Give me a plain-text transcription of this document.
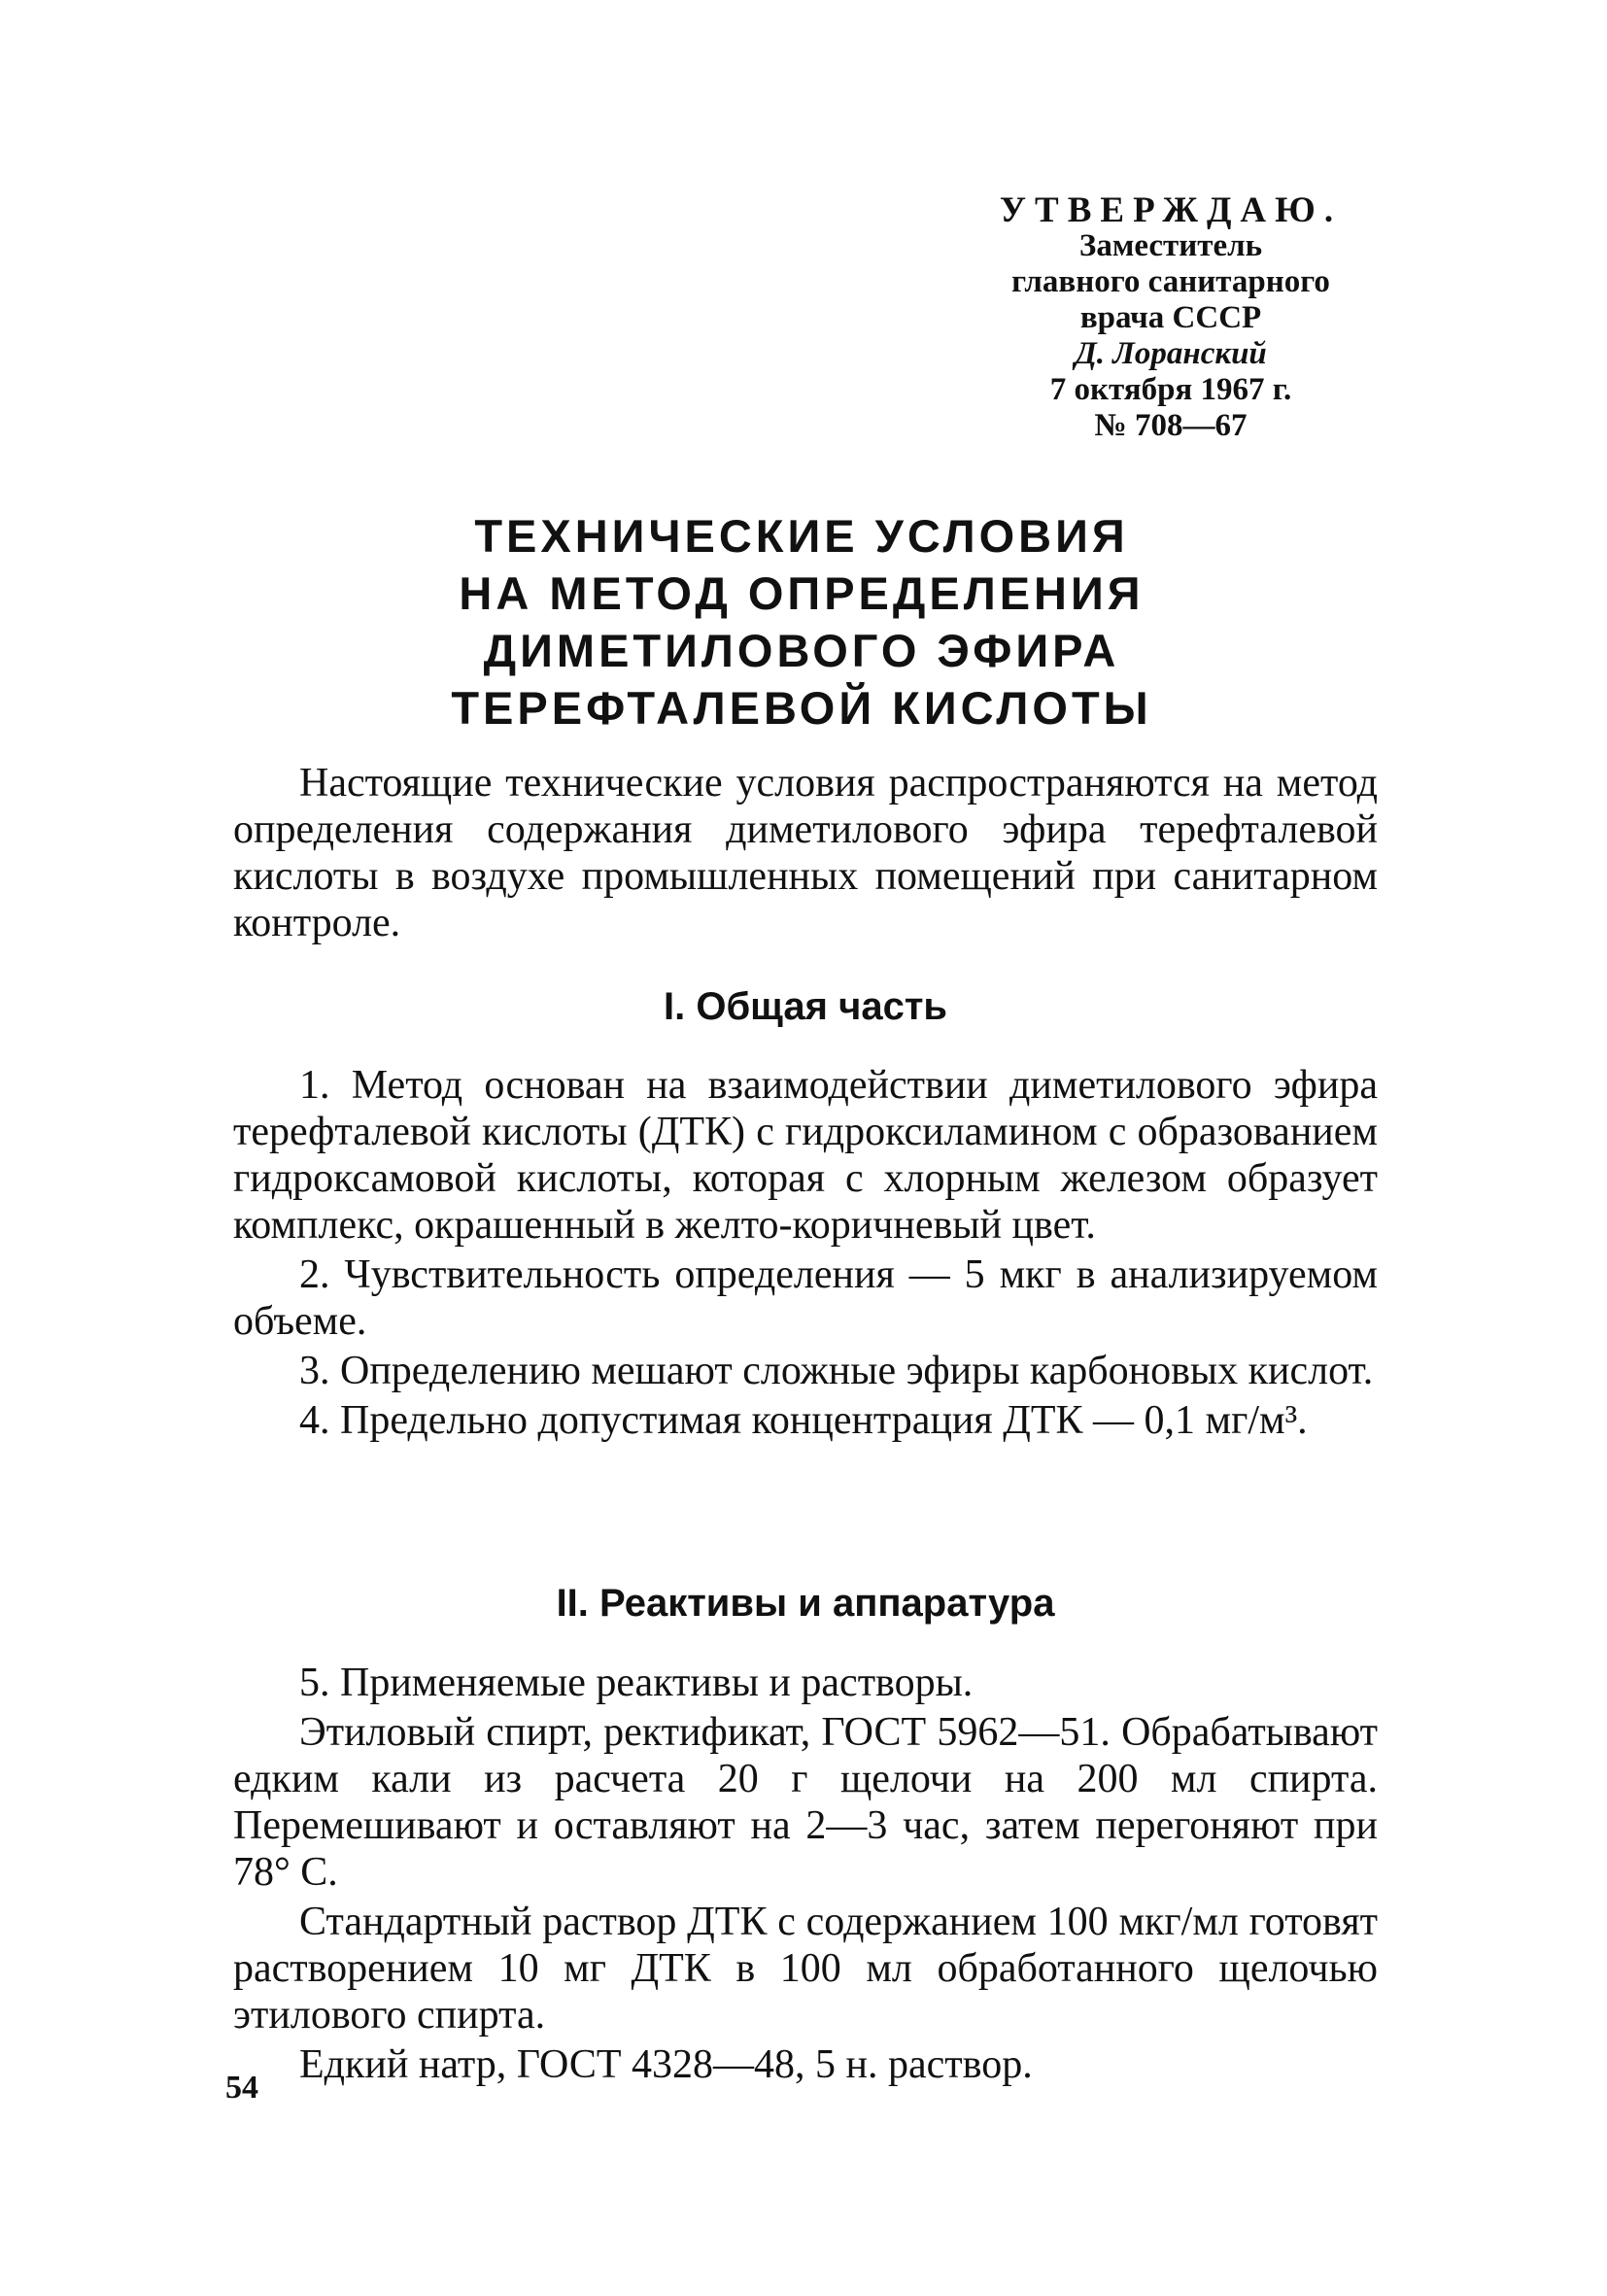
УТВЕРЖДАЮ.
Заместитель
главного санитарного
врача СССР
Д. Лоранский
7 октября 1967 г.
№ 708—67
ТЕХНИЧЕСКИЕ УСЛОВИЯ
НА МЕТОД ОПРЕДЕЛЕНИЯ
ДИМЕТИЛОВОГО ЭФИРА
ТЕРЕФТАЛЕВОЙ КИСЛОТЫ

Настоящие технические условия распространяются на метод определения содержания диметилового эфира терефталевой кислоты в воздухе промышленных помещений при санитарном контроле.

I. Общая часть

1. Метод основан на взаимодействии диметилового эфира терефталевой кислоты (ДТК) с гидроксиламином с образованием гидроксамовой кислоты, которая с хлорным железом образует комплекс, окрашенный в желто-коричневый цвет.

2. Чувствительность определения — 5 мкг в анализируемом объеме.

3. Определению мешают сложные эфиры карбоновых кислот.

4. Предельно допустимая концентрация ДТК — 0,1 мг/м³.

II. Реактивы и аппаратура

5. Применяемые реактивы и растворы.

Этиловый спирт, ректификат, ГОСТ 5962—51. Обрабатывают едким кали из расчета 20 г щелочи на 200 мл спирта. Перемешивают и оставляют на 2—3 час, затем перегоняют при 78° С.

Стандартный раствор ДТК с содержанием 100 мкг/мл готовят растворением 10 мг ДТК в 100 мл обработанного щелочью этилового спирта.

Едкий натр, ГОСТ 4328—48, 5 н. раствор.

54
